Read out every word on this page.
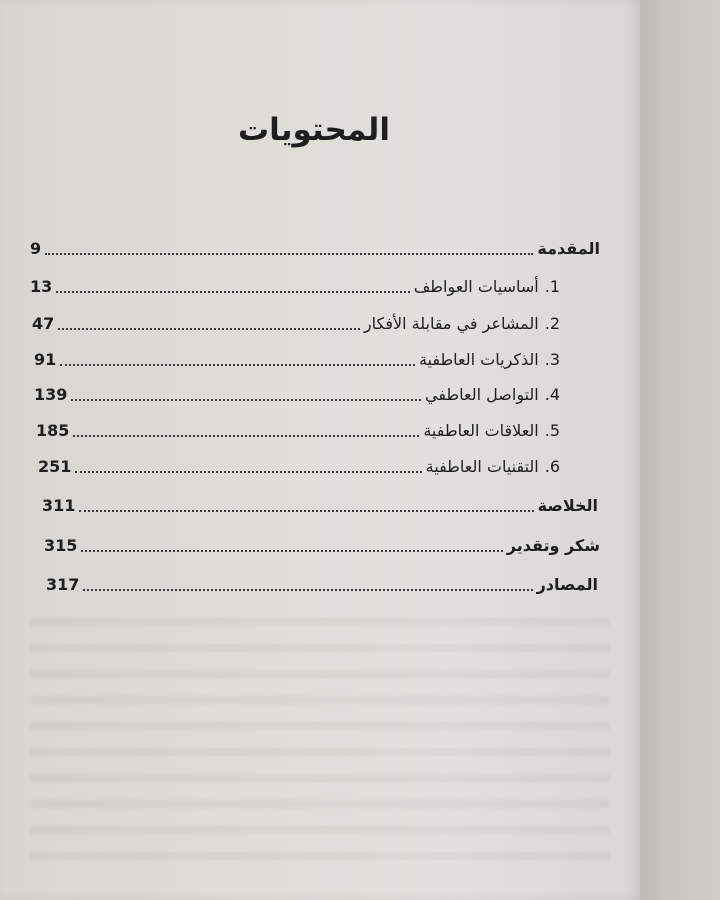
المحتويات
المقدمة
9
.1
أساسيات العواطف
13
.2
المشاعر في مقابلة الأفكار
47
.3
الذكريات العاطفية
91
.4
التواصل العاطفي
139
.5
العلاقات العاطفية
185
.6
التقنيات العاطفية
251
الخلاصة
311
شكر وتقدير
315
المصادر
317
